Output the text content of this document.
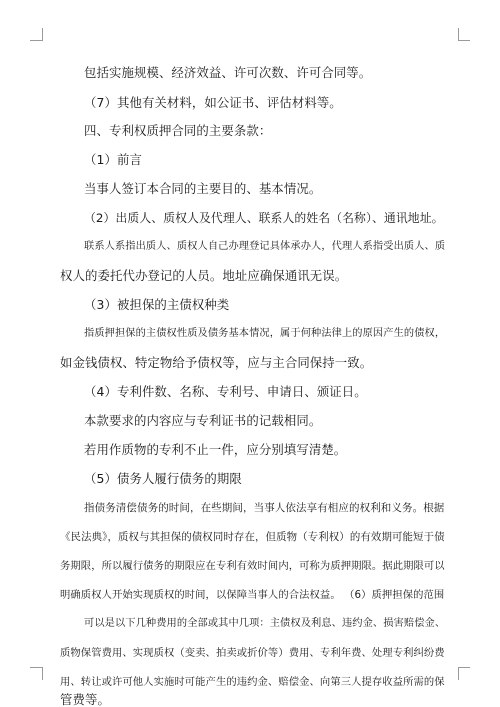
包括实施规模、经济效益、许可次数、许可合同等。
（7）其他有关材料，如公证书、评估材料等。
四、专利权质押合同的主要条款：
（1）前言
当事人签订本合同的主要目的、基本情况。
（2）出质人、质权人及代理人、联系人的姓名（名称）、通讯地址。
联系人系指出质人、质权人自己办理登记具体承办人，代理人系指受出质人、质
权人的委托代办登记的人员。地址应确保通讯无误。
（3）被担保的主债权种类
指质押担保的主债权性质及债务基本情况，属于何种法律上的原因产生的债权，
如金钱债权、特定物给予债权等，应与主合同保持一致。
（4）专利件数、名称、专利号、申请日、颁证日。
本款要求的内容应与专利证书的记载相同。
若用作质物的专利不止一件，应分别填写清楚。
（5）债务人履行债务的期限
指债务清偿债务的时间，在些期间，当事人依法享有相应的权利和义务。根据
《民法典》，质权与其担保的债权同时存在，但质物（专利权）的有效期可能短于债
务期限，所以履行债务的期限应在专利有效时间内，可称为质押期限。据此期限可以
明确质权人开始实现质权的时间，以保障当事人的合法权益。 （6）质押担保的范围
可以是以下几种费用的全部或其中几项：主债权及利息、违约金、损害赔偿金、
质物保管费用、实现质权（变卖、拍卖或折价等）费用、专利年费、处理专利纠纷费
用、转让或许可他人实施时可能产生的违约金、赔偿金、向第三人提存收益所需的保
管费等。
